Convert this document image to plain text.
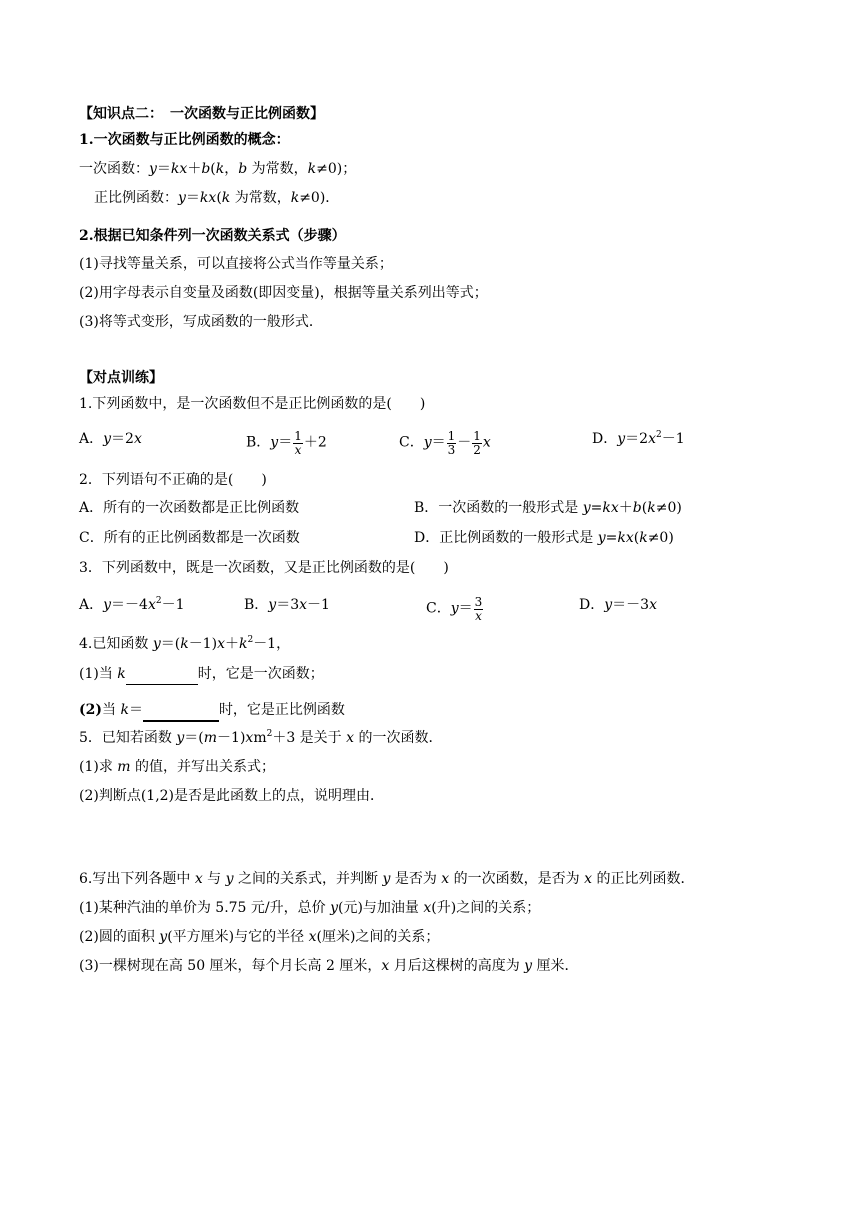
【知识点二：　一次函数与正比例函数】
1.一次函数与正比例函数的概念：
一次函数：y＝kx＋b(k，b 为常数，k≠0)；
正比例函数：y＝kx(k 为常数，k≠0)．
2.根据已知条件列一次函数关系式（步骤）
(1)寻找等量关系，可以直接将公式当作等量关系；
(2)用字母表示自变量及函数(即因变量)，根据等量关系列出等式；
(3)将等式变形，写成函数的一般形式．
【对点训练】
1.下列函数中，是一次函数但不是正比例函数的是(　　)
A．y＝2x	B．$y= \frac{1}{x} +2$	C．$y= \frac{1}{3} - \frac{1}{2}$ x	D．$y=2x^2-1$
2．下列语句不正确的是(　　)
A．所有的一次函数都是正比例函数	B．一次函数的一般形式是 y=kx＋b(k≠0)
C．所有的正比例函数都是一次函数	D．正比例函数的一般形式是 y=kx(k≠0)
3．下列函数中，既是一次函数，又是正比例函数的是(　　)
A．$y=-4x^2-1$	B．y＝3x－1	C．$y= \frac{3}{x}$	D．y＝－3x
4.已知函数 $y=(k-1)x+k^2-1$，
(1)当 k	时，它是一次函数；
(2)当 k＝	时，它是正比例函数
5．已知若函数 $y=(m-1)xm^2+3$ 是关于 x 的一次函数．
(1)求 m 的值，并写出关系式；
(2)判断点(1,2)是否是此函数上的点，说明理由．
6.写出下列各题中 x 与 y 之间的关系式，并判断 y 是否为 x 的一次函数，是否为 x 的正比列函数．
(1)某种汽油的单价为 5.75 元/升，总价 y(元)与加油量 x(升)之间的关系；
(2)圆的面积 y(平方厘米)与它的半径 x(厘米)之间的关系；
(3)一棵树现在高 50 厘米，每个月长高 2 厘米，x 月后这棵树的高度为 y 厘米．
